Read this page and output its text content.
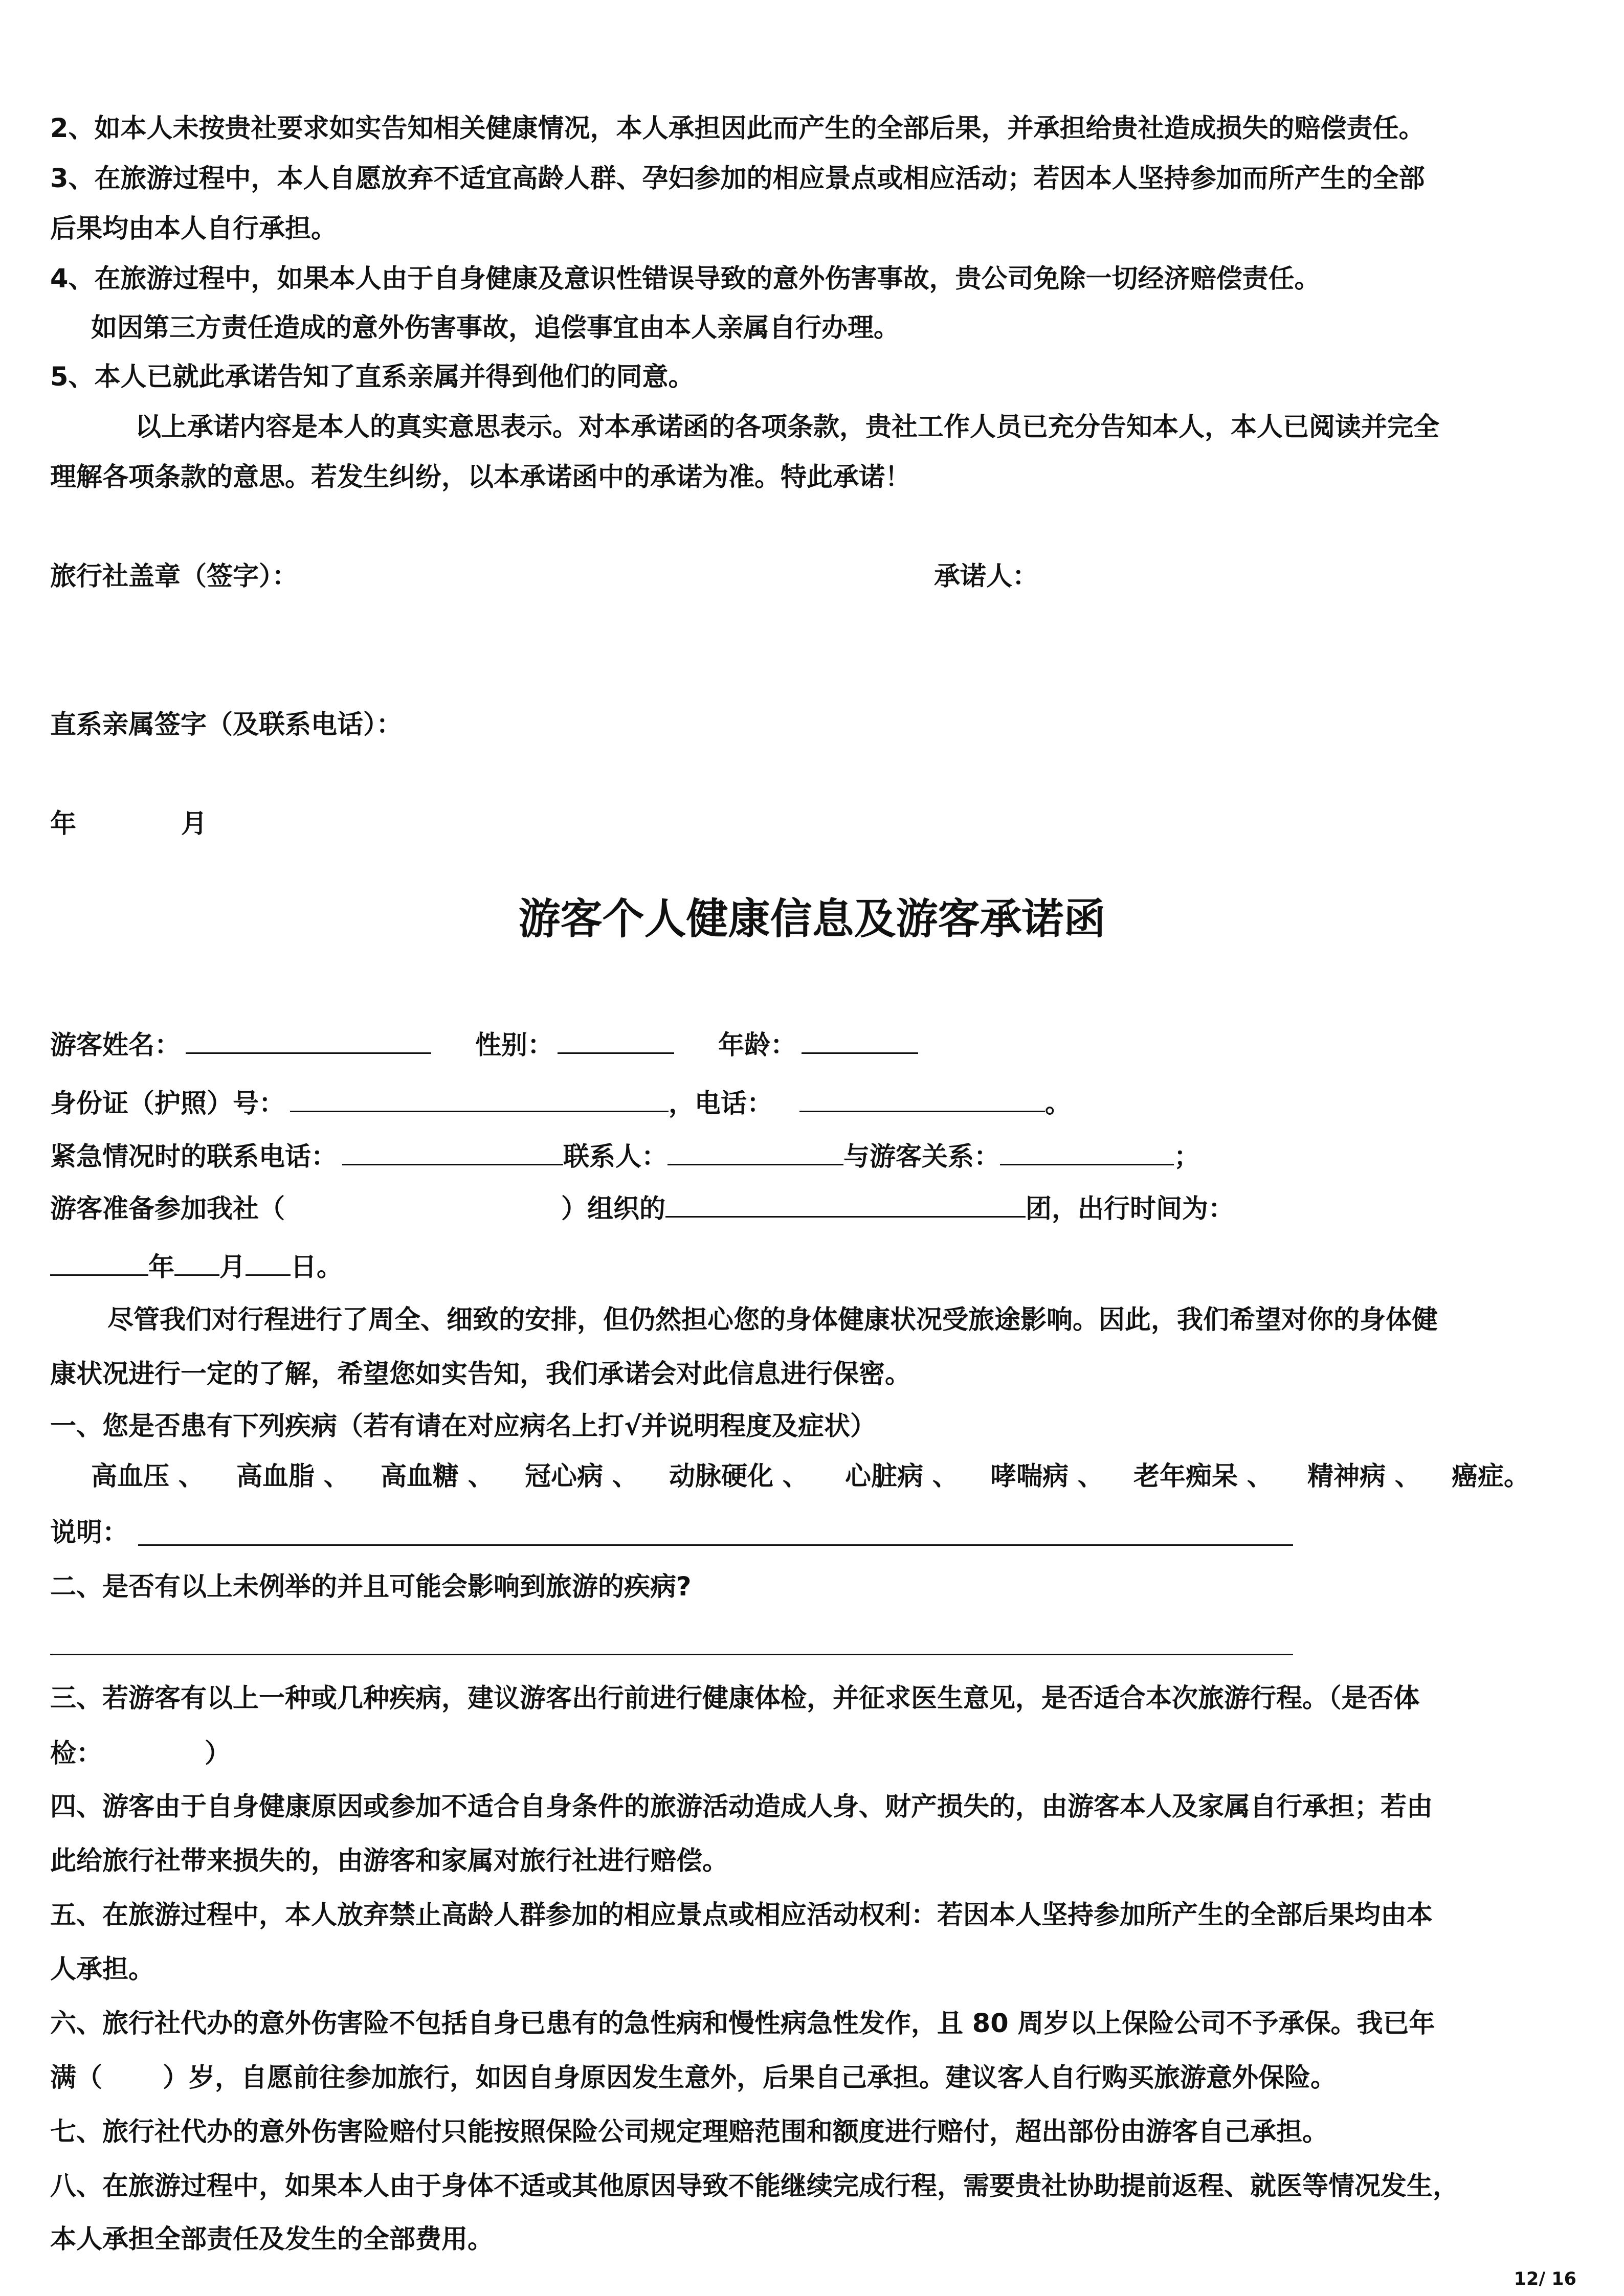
2、如本人未按贵社要求如实告知相关健康情况，本人承担因此而产生的全部后果，并承担给贵社造成损失的赔偿责任。
3、在旅游过程中，本人自愿放弃不适宜高龄人群、孕妇参加的相应景点或相应活动；若因本人坚持参加而所产生的全部
后果均由本人自行承担。
4、在旅游过程中，如果本人由于自身健康及意识性错误导致的意外伤害事故，贵公司免除一切经济赔偿责任。
如因第三方责任造成的意外伤害事故，追偿事宜由本人亲属自行办理。
5、本人已就此承诺告知了直系亲属并得到他们的同意。
以上承诺内容是本人的真实意思表示。对本承诺函的各项条款，贵社工作人员已充分告知本人，本人已阅读并完全
理解各项条款的意思。若发生纠纷，以本承诺函中的承诺为准。特此承诺！
旅行社盖章（签字）：	承诺人：
直系亲属签字（及联系电话）：
年	月
游客个人健康信息及游客承诺函
游客姓名：	性别：	年龄：
身份证（护照）号：	，电话：	。
紧急情况时的联系电话：	联系人：	与游客关系：	；
游客准备参加我社（	）组织的	团，出行时间为：
年 月 日。
尽管我们对行程进行了周全、细致的安排，但仍然担心您的身体健康状况受旅途影响。因此，我们希望对你的身体健
康状况进行一定的了解，希望您如实告知，我们承诺会对此信息进行保密。
一、您是否患有下列疾病（若有请在对应病名上打√并说明程度及症状）
高血压 、 高血脂 、 高血糖 、 冠心病 、 动脉硬化 、 心脏病 、 哮喘病 、 老年痴呆 、 精神病 、 癌症。
说明：
二、是否有以上未例举的并且可能会影响到旅游的疾病?
三、若游客有以上一种或几种疾病，建议游客出行前进行健康体检，并征求医生意见，是否适合本次旅游行程。（是否体
检：	）
四、游客由于自身健康原因或参加不适合自身条件的旅游活动造成人身、财产损失的，由游客本人及家属自行承担；若由
此给旅行社带来损失的，由游客和家属对旅行社进行赔偿。
五、在旅游过程中，本人放弃禁止高龄人群参加的相应景点或相应活动权利：若因本人坚持参加所产生的全部后果均由本
人承担。
六、旅行社代办的意外伤害险不包括自身已患有的急性病和慢性病急性发作，且 80 周岁以上保险公司不予承保。我已年
满（ ）岁，自愿前往参加旅行，如因自身原因发生意外，后果自己承担。建议客人自行购买旅游意外保险。
七、旅行社代办的意外伤害险赔付只能按照保险公司规定理赔范围和额度进行赔付，超出部份由游客自己承担。
八、在旅游过程中，如果本人由于身体不适或其他原因导致不能继续完成行程，需要贵社协助提前返程、就医等情况发生，
本人承担全部责任及发生的全部费用。
12/ 16
